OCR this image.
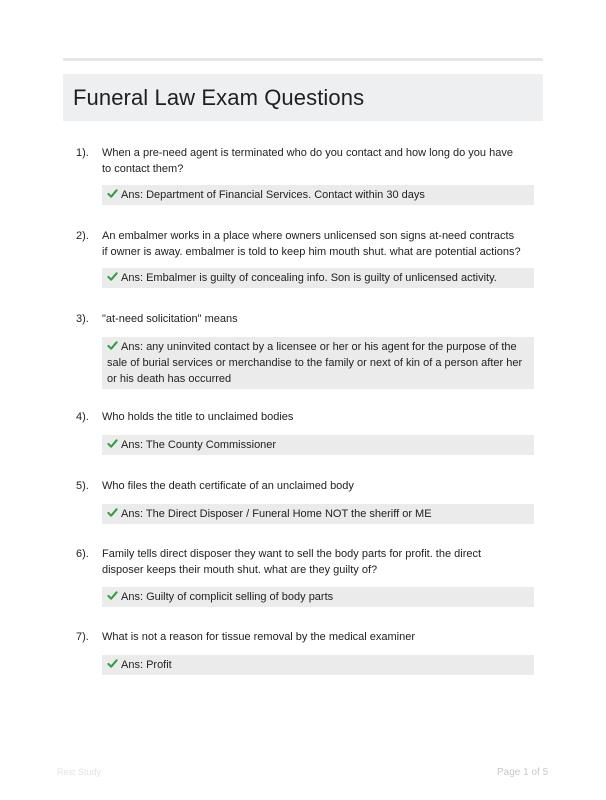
Funeral Law Exam Questions
1). When a pre-need agent is terminated who do you contact and how long do you have to contact them?
Ans: Department of Financial Services. Contact within 30 days
2). An embalmer works in a place where owners unlicensed son signs at-need contracts if owner is away. embalmer is told to keep him mouth shut. what are potential actions?
Ans: Embalmer is guilty of concealing info. Son is guilty of unlicensed activity.
3). "at-need solicitation" means
Ans: any uninvited contact by a licensee or her or his agent for the purpose of the sale of burial services or merchandise to the family or next of kin of a person after her or his death has occurred
4). Who holds the title to unclaimed bodies
Ans: The County Commissioner
5). Who files the death certificate of an unclaimed body
Ans: The Direct Disposer / Funeral Home NOT the sheriff or ME
6). Family tells direct disposer they want to sell the body parts for profit. the direct disposer keeps their mouth shut. what are they guilty of?
Ans: Guilty of complicit selling of body parts
7). What is not a reason for tissue removal by the medical examiner
Ans: Profit
Rest Study	Page 1 of 5
